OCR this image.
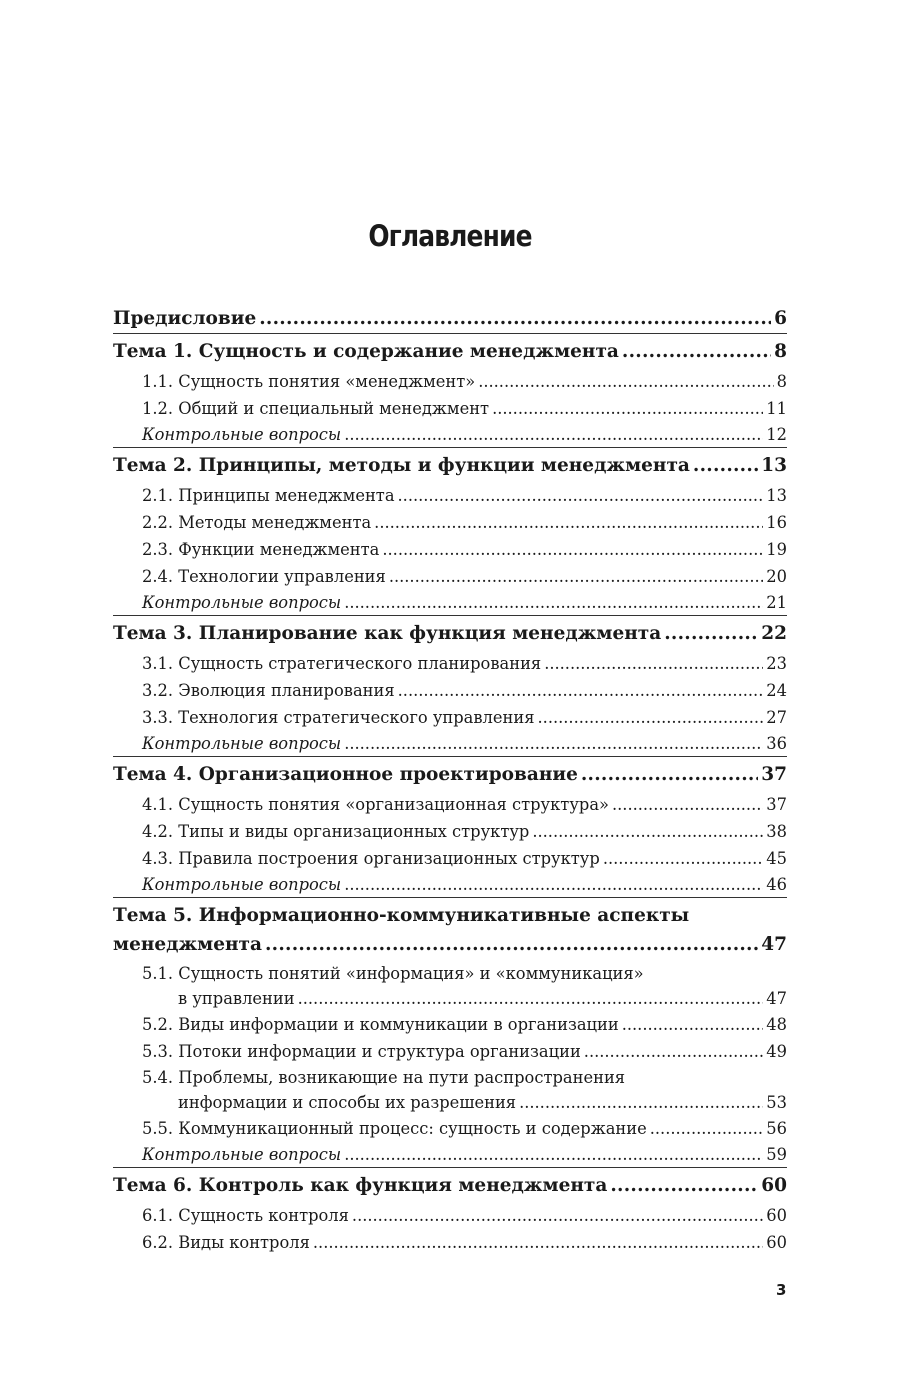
Оглавление
Предисловие . . .	6
Тема 1. Сущность и содержание менеджмента . . .	8
1.1. Сущность понятия «менеджмент» . . .	8
1.2. Общий и специальный менеджмент . . .	11
Контрольные вопросы . . .	12
Тема 2. Принципы, методы и функции менеджмента . . .	13
2.1. Принципы менеджмента . . .	13
2.2. Методы менеджмента . . .	16
2.3. Функции менеджмента . . .	19
2.4. Технологии управления . . .	20
Контрольные вопросы . . .	21
Тема 3. Планирование как функция менеджмента . . .	22
3.1. Сущность стратегического планирования . . .	23
3.2. Эволюция планирования . . .	24
3.3. Технология стратегического управления . . .	27
Контрольные вопросы . . .	36
Тема 4. Организационное проектирование . . .	37
4.1. Сущность понятия «организационная структура» . . .	37
4.2. Типы и виды организационных структур . . .	38
4.3. Правила построения организационных структур . . .	45
Контрольные вопросы . . .	46
Тема 5. Информационно-коммуникативные аспекты
менеджмента . . .	47
5.1. Сущность понятий «информация» и «коммуникация»
в управлении . . .	47
5.2. Виды информации и коммуникации в организации . . .	48
5.3. Потоки информации и структура организации . . .	49
5.4. Проблемы, возникающие на пути распространения
информации и способы их разрешения . . .	53
5.5. Коммуникационный процесс: сущность и содержание . . .	56
Контрольные вопросы . . .	59
Тема 6. Контроль как функция менеджмента . . .	60
6.1. Сущность контроля . . .	60
6.2. Виды контроля . . .	60
3
